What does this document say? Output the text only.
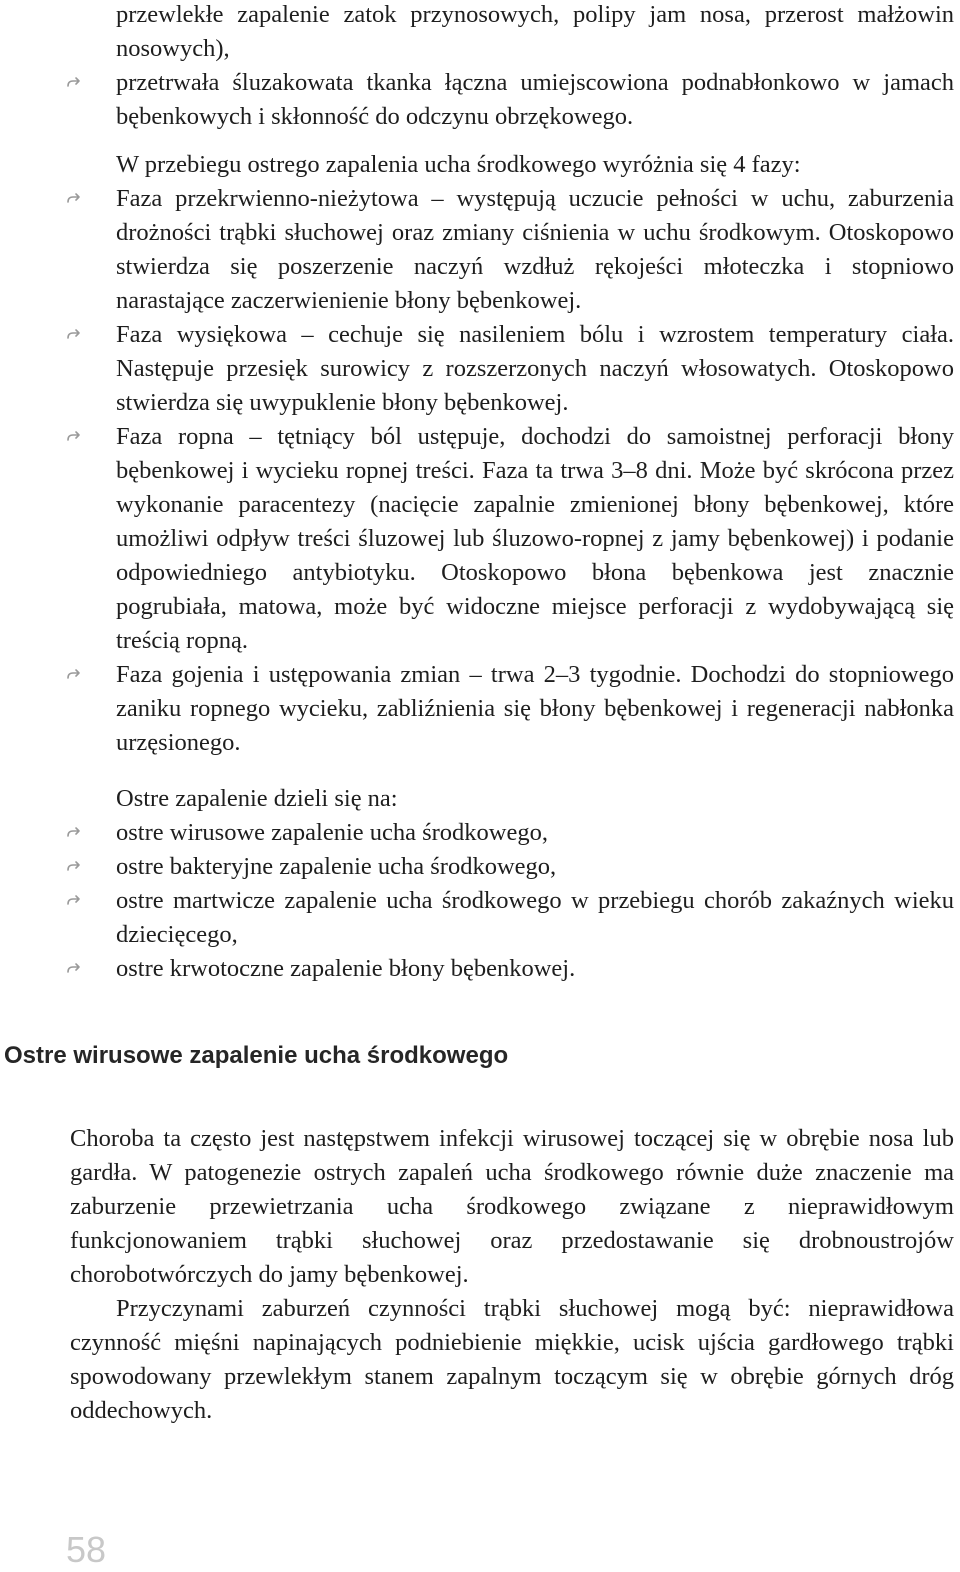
przewlekłe zapalenie zatok przynosowych, polipy jam nosa, przerost małżowin nosowych),

przetrwała śluzakowata tkanka łączna umiejscowiona podnabłonkowo w jamach bębenkowych i skłonność do odczynu obrzękowego.

W przebiegu ostrego zapalenia ucha środkowego wyróżnia się 4 fazy:

Faza przekrwienno-nieżytowa – występują uczucie pełności w uchu, zaburzenia drożności trąbki słuchowej oraz zmiany ciśnienia w uchu środkowym. Otoskopowo stwierdza się poszerzenie naczyń wzdłuż rękojeści młoteczka i stopniowo narastające zaczerwienienie błony bębenkowej.

Faza wysiękowa – cechuje się nasileniem bólu i wzrostem temperatury ciała. Następuje przesięk surowicy z rozszerzonych naczyń włosowatych. Otoskopowo stwierdza się uwypuklenie błony bębenkowej.

Faza ropna – tętniący ból ustępuje, dochodzi do samoistnej perforacji błony bębenkowej i wycieku ropnej treści. Faza ta trwa 3–8 dni. Może być skrócona przez wykonanie paracentezy (nacięcie zapalnie zmienionej błony bębenkowej, które umożliwi odpływ treści śluzowej lub śluzowo-ropnej z jamy bębenkowej) i podanie odpowiedniego antybiotyku. Otoskopowo błona bębenkowa jest znacznie pogrubiała, matowa, może być widoczne miejsce perforacji z wydobywającą się treścią ropną.

Faza gojenia i ustępowania zmian – trwa 2–3 tygodnie. Dochodzi do stopniowego zaniku ropnego wycieku, zabliźnienia się błony bębenkowej i regeneracji nabłonka urzęsionego.

Ostre zapalenie dzieli się na:

ostre wirusowe zapalenie ucha środkowego,

ostre bakteryjne zapalenie ucha środkowego,

ostre martwicze zapalenie ucha środkowego w przebiegu chorób zakaźnych wieku dziecięcego,

ostre krwotoczne zapalenie błony bębenkowej.

Ostre wirusowe zapalenie ucha środkowego

Choroba ta często jest następstwem infekcji wirusowej toczącej się w obrębie nosa lub gardła. W patogenezie ostrych zapaleń ucha środkowego równie duże znaczenie ma zaburzenie przewietrzania ucha środkowego związane z nieprawidłowym funkcjonowaniem trąbki słuchowej oraz przedostawanie się drobnoustrojów chorobotwórczych do jamy bębenkowej.

Przyczynami zaburzeń czynności trąbki słuchowej mogą być: nieprawidłowa czynność mięśni napinających podniebienie miękkie, ucisk ujścia gardłowego trąbki spowodowany przewlekłym stanem zapalnym toczącym się w obrębie górnych dróg oddechowych.

58
